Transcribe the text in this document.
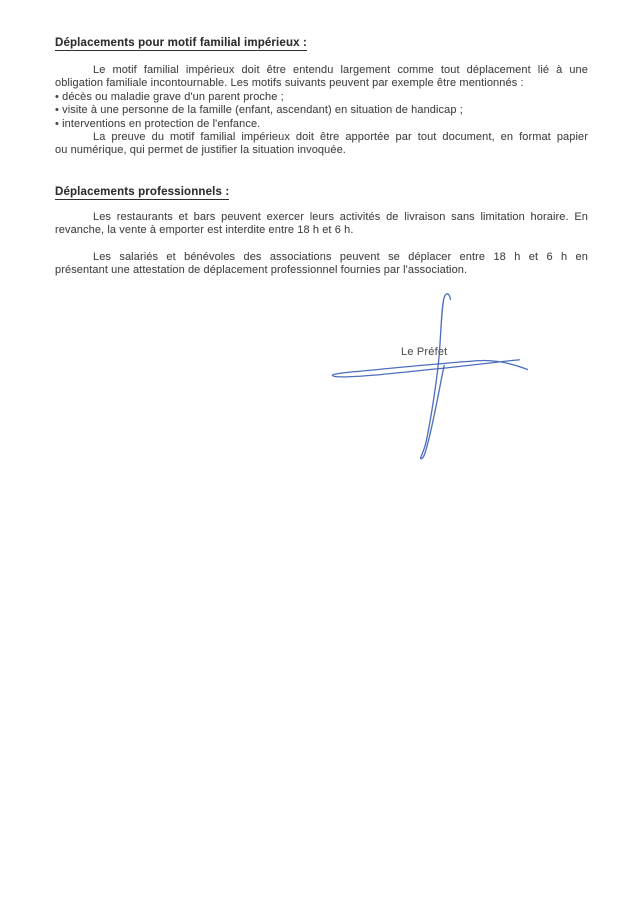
Déplacements pour motif familial impérieux :
Le motif familial impérieux doit être entendu largement comme tout déplacement lié à une
obligation familiale incontournable. Les motifs suivants peuvent par exemple être mentionnés :
• décès ou maladie grave d'un parent proche ;
• visite à une personne de la famille (enfant, ascendant) en situation de handicap ;
• interventions en protection de l'enfance.
La preuve du motif familial impérieux doit être apportée par tout document, en format papier
ou numérique, qui permet de justifier la situation invoquée.
Déplacements professionnels :
Les restaurants et bars peuvent exercer leurs activités de livraison sans limitation horaire. En
revanche, la vente à emporter est interdite entre 18 h et 6 h.
Les salariés et bénévoles des associations peuvent se déplacer entre 18 h et 6 h en
présentant une attestation de déplacement professionnel fournies par l'association.
Le Préfet
